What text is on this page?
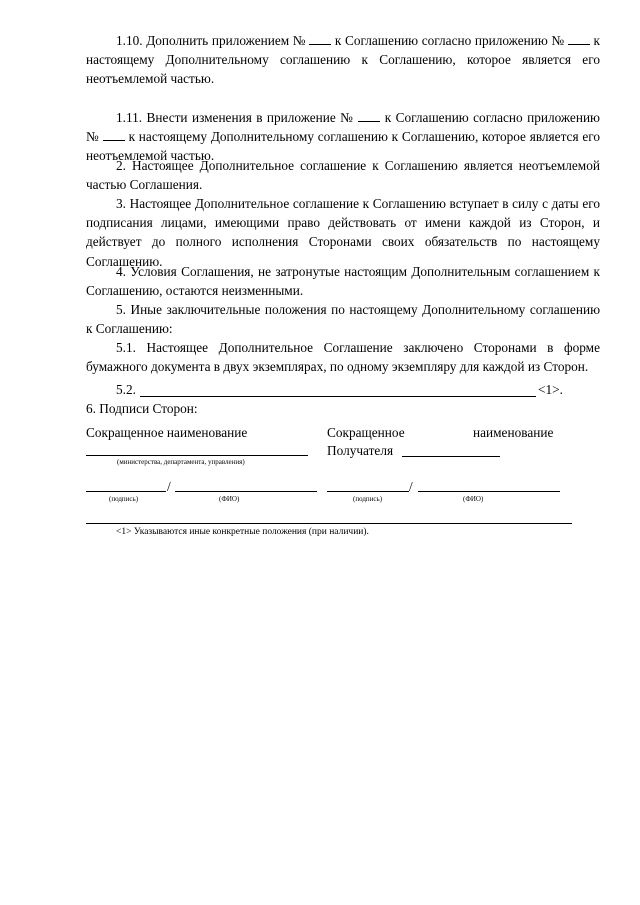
1.10. Дополнить приложением №  к Соглашению согласно приложению №  к настоящему Дополнительному соглашению к Соглашению, которое является его неотъемлемой частью.

1.11. Внести изменения в приложение №  к Соглашению согласно приложению №  к настоящему Дополнительному соглашению к Соглашению, которое является его неотъемлемой частью.

2. Настоящее Дополнительное соглашение к Соглашению является неотъемлемой частью Соглашения.

3. Настоящее Дополнительное соглашение к Соглашению вступает в силу с даты его подписания лицами, имеющими право действовать от имени каждой из Сторон, и действует до полного исполнения Сторонами своих обязательств по настоящему Соглашению.

4. Условия Соглашения, не затронутые настоящим Дополнительным соглашением к Соглашению, остаются неизменными.

5. Иные заключительные положения по настоящему Дополнительному соглашению к Соглашению:

5.1. Настоящее Дополнительное Соглашение заключено Сторонами в форме бумажного документа в двух экземплярах, по одному экземпляру для каждой из Сторон.

5.2.	<1>.
6. Подписи Сторон:
Сокращенное наименование
(министерства, департамента, управления)
Сокращенное	наименование
Получателя
/
(подпись)	(ФИО)
/
(подпись)	(ФИО)
<1> Указываются иные конкретные положения (при наличии).
